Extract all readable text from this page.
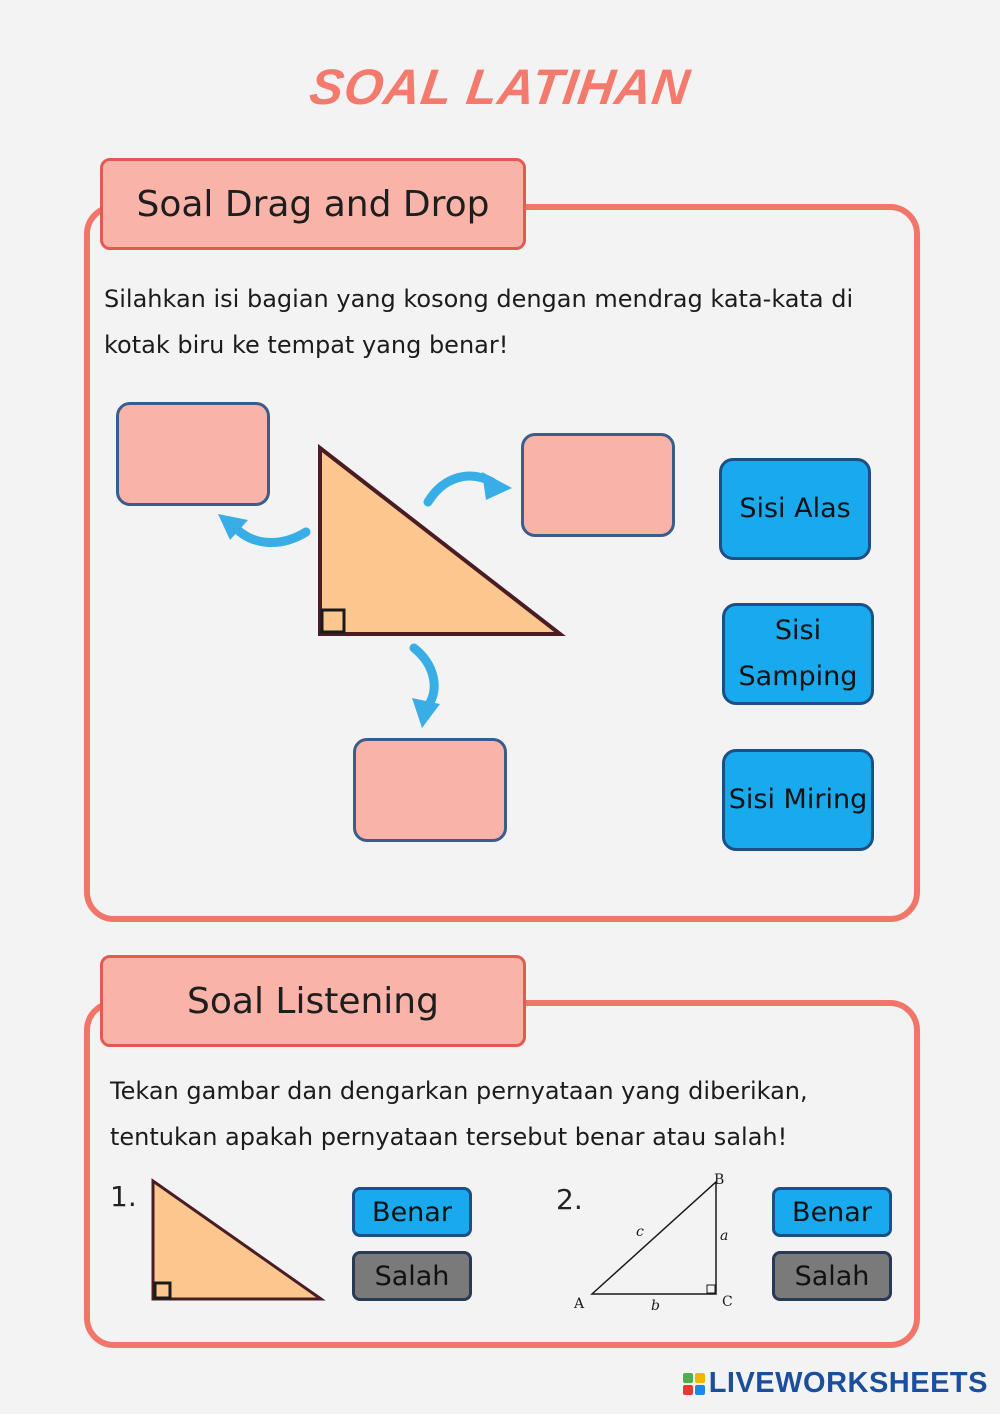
SOAL LATIHAN
Soal Drag and Drop
Silahkan isi bagian yang kosong dengan mendrag kata-kata di
kotak biru ke tempat yang benar!
Sisi Alas
Sisi
Samping
Sisi Miring
Soal Listening
Tekan gambar dan dengarkan pernyataan yang diberikan,
tentukan apakah pernyataan tersebut benar atau salah!
1.	Benar
Salah
2.
A
B
C
a
b
c
Benar
Salah
LIVEWORKSHEETS
